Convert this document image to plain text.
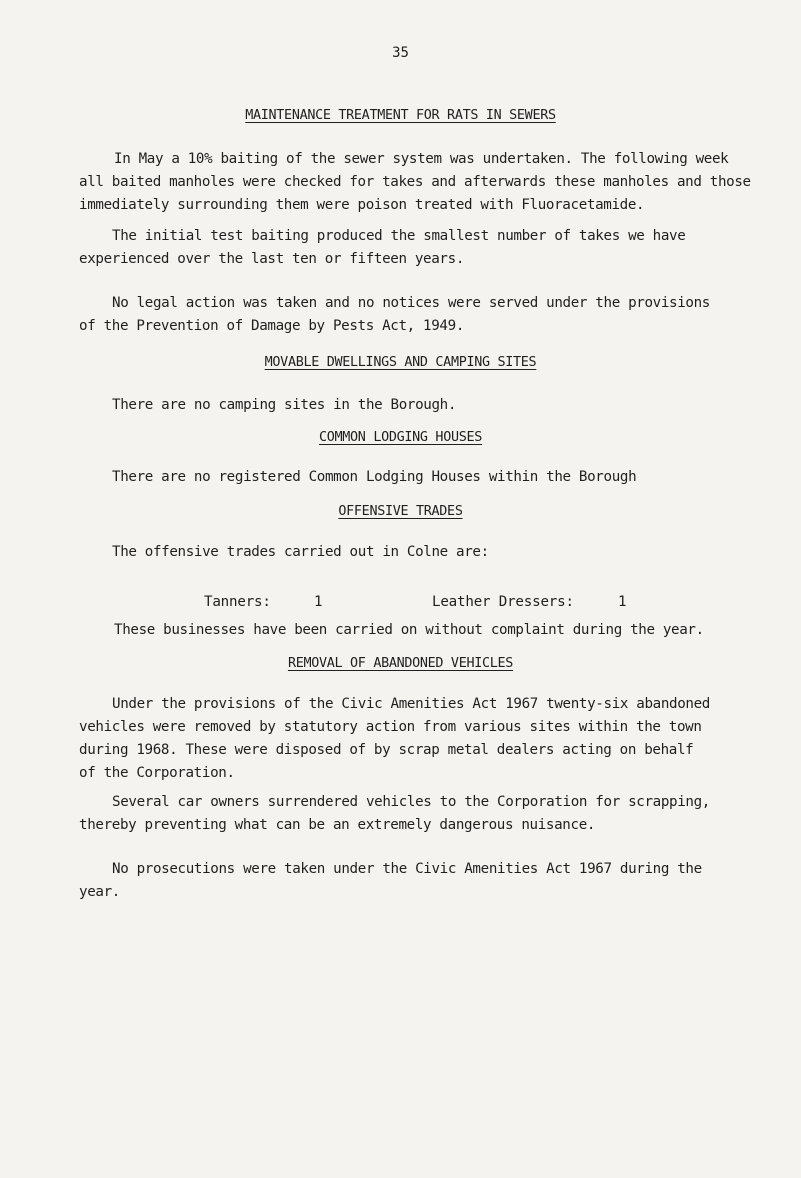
35
MAINTENANCE TREATMENT FOR RATS IN SEWERS
In May a 10% baiting of the sewer system was undertaken. The following week
all baited manholes were checked for takes and afterwards these manholes and those
immediately surrounding them were poison treated with Fluoracetamide.
The initial test baiting produced the smallest number of takes we have
experienced over the last ten or fifteen years.
No legal action was taken and no notices were served under the provisions
of the Prevention of Damage by Pests Act, 1949.
MOVABLE DWELLINGS AND CAMPING SITES
There are no camping sites in the Borough.
COMMON LODGING HOUSES
There are no registered Common Lodging Houses within the Borough
OFFENSIVE TRADES
The offensive trades carried out in Colne are:
Tanners:	1	Leather Dressers:	1
These businesses have been carried on without complaint during the year.
REMOVAL OF ABANDONED VEHICLES
Under the provisions of the Civic Amenities Act 1967 twenty-six abandoned
vehicles were removed by statutory action from various sites within the town
during 1968. These were disposed of by scrap metal dealers acting on behalf
of the Corporation.
Several car owners surrendered vehicles to the Corporation for scrapping,
thereby preventing what can be an extremely dangerous nuisance.
No prosecutions were taken under the Civic Amenities Act 1967 during the
year.
